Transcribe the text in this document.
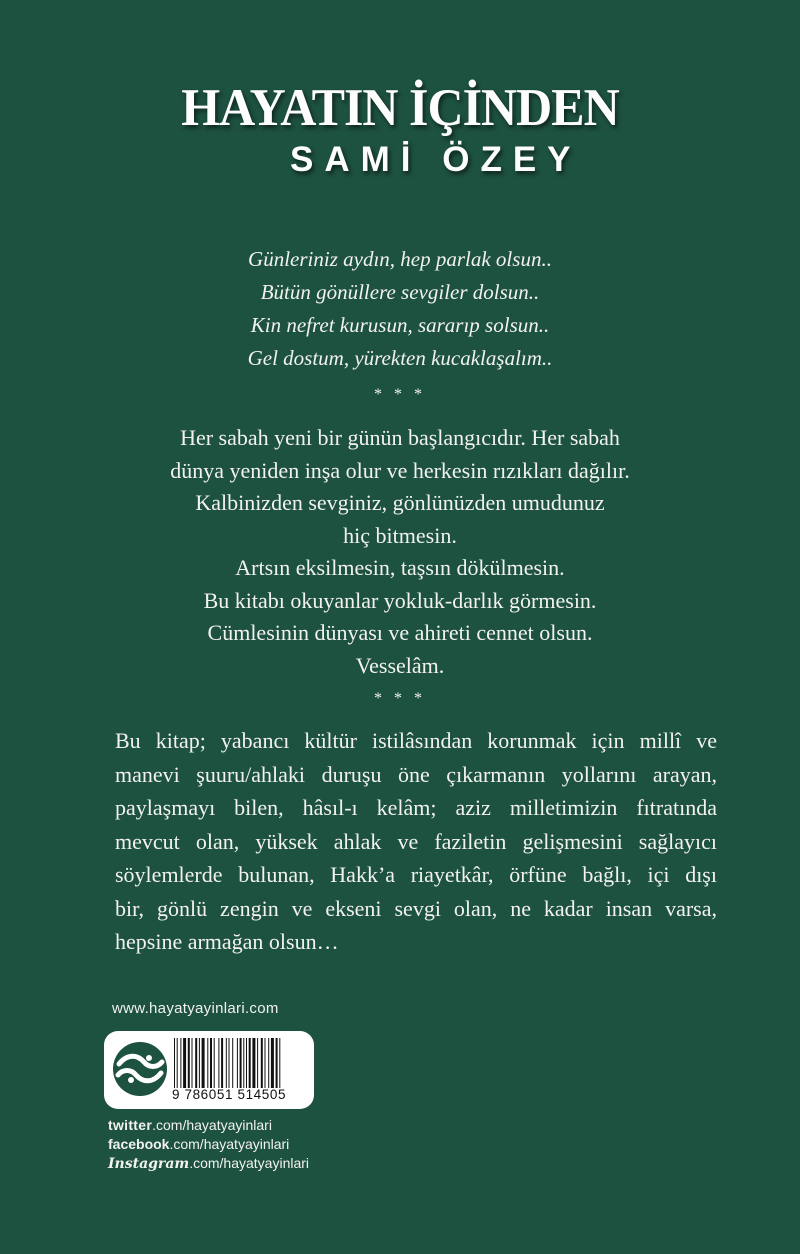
HAYATIN İÇİNDEN
SAMİ ÖZEY
Günleriniz aydın, hep parlak olsun..
Bütün gönüllere sevgiler dolsun..
Kin nefret kurusun, sararıp solsun..
Gel dostum, yürekten kucaklaşalım..
* * *
Her sabah yeni bir günün başlangıcıdır. Her sabah
dünya yeniden inşa olur ve herkesin rızıkları dağılır.
Kalbinizden sevginiz, gönlünüzden umudunuz
hiç bitmesin.
Artsın eksilmesin, taşsın dökülmesin.
Bu kitabı okuyanlar yokluk-darlık görmesin.
Cümlesinin dünyası ve ahireti cennet olsun.
Vesselâm.
* * *
Bu kitap; yabancı kültür istilâsından korunmak için millî ve
manevi şuuru/ahlaki duruşu öne çıkarmanın yollarını arayan,
paylaşmayı bilen, hâsıl-ı kelâm; aziz milletimizin fıtratında
mevcut olan, yüksek ahlak ve faziletin gelişmesini sağlayıcı
söylemlerde bulunan, Hakk’a riayetkâr, örfüne bağlı, içi dışı
bir, gönlü zengin ve ekseni sevgi olan, ne kadar insan varsa,
hepsine armağan olsun…
www.hayatyayinlari.com
9 786051 514505
twitter.com/hayatyayinlari
facebook.com/hayatyayinlari
Instagram.com/hayatyayinlari
